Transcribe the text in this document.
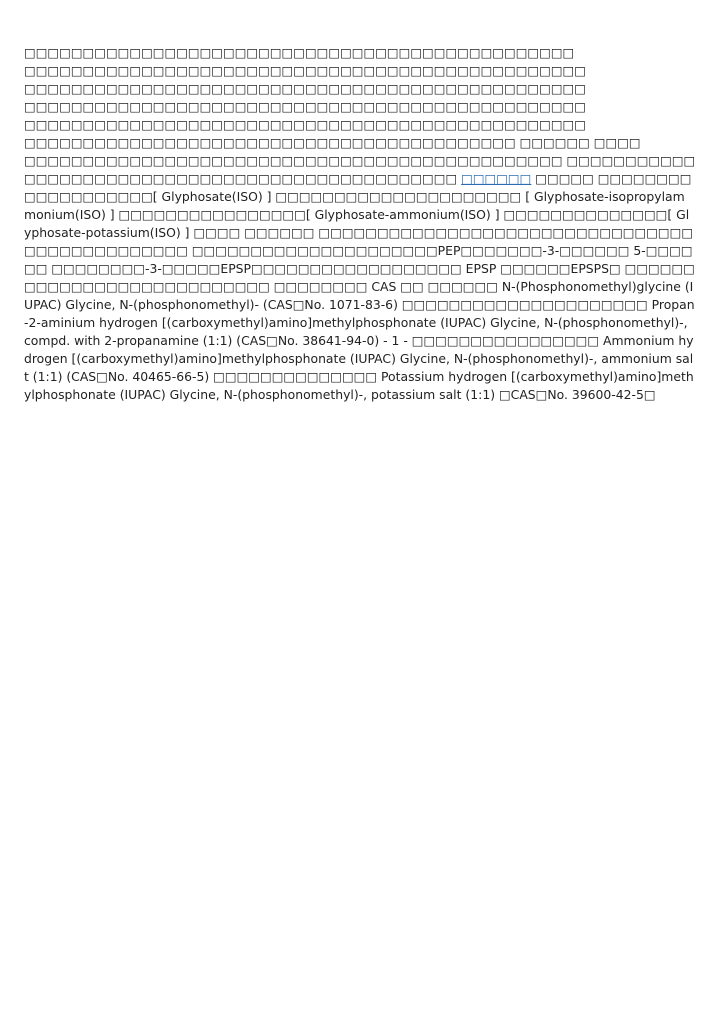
□□□□□□□□□□□□□□□□□□□□□□□□□□□□□□□□□□□□□□□□□□□□□□□
□□□□□□□□□□□□□□□□□□□□□□□□□□□□□□□□□□□□□□□□□□□□□□□□
□□□□□□□□□□□□□□□□□□□□□□□□□□□□□□□□□□□□□□□□□□□□□□□□
□□□□□□□□□□□□□□□□□□□□□□□□□□□□□□□□□□□□□□□□□□□□□□□□
□□□□□□□□□□□□□□□□□□□□□□□□□□□□□□□□□□□□□□□□□□□□□□□□
□□□□□□□□□□□□□□□□□□□□□□□□□□□□□□□□□□□□□□□□□□ □□□□□□ □□□□

□□□□□□□□□□□□□□□□□□□□□□□□□□□□□□□□□□□□□□□□□□□□□□ □□□□□□□□□□□□□□□□□□□□□□□□□□□□□□□□□□□□□□□□□□□□□□□□ □□□□□□ □□□□□ □□□□□□□□□□□□□□□□□□□[ Glyphosate(ISO) ] □□□□□□□□□□□□□□□□□□□□□ [ Glyphosate-isopropylammonium(ISO) ] □□□□□□□□□□□□□□□□[ Glyphosate-ammonium(ISO) ] □□□□□□□□□□□□□□[ Glyphosate-potassium(ISO) ] □□□□ □□□□□□ □□□□□□□□□□□□□□□□□□□□□□□□□□□□□□□□□□□□□□□□□□□□□□ □□□□□□□□□□□□□□□□□□□□□PEP□□□□□□□-3-□□□□□□ 5-□□□□□□ □□□□□□□□-3-□□□□□EPSP□□□□□□□□□□□□□□□□□□ EPSP □□□□□□EPSPS□ □□□□□□□□□□□□□□□□□□□□□□□□□□□ □□□□□□□□ CAS □□ □□□□□□ N-(Phosphonomethyl)glycine (IUPAC) Glycine, N-(phosphonomethyl)- (CAS□No. 1071-83-6) □□□□□□□□□□□□□□□□□□□□□ Propan-2-aminium hydrogen [(carboxymethyl)amino]methylphosphonate (IUPAC) Glycine, N-(phosphonomethyl)-, compd. with 2-propanamine (1:1) (CAS□No. 38641-94-0) - 1 - □□□□□□□□□□□□□□□□ Ammonium hydrogen [(carboxymethyl)amino]methylphosphonate (IUPAC) Glycine, N-(phosphonomethyl)-, ammonium salt (1:1) (CAS□No. 40465-66-5) □□□□□□□□□□□□□□ Potassium hydrogen [(carboxymethyl)amino]methylphosphonate (IUPAC) Glycine, N-(phosphonomethyl)-, potassium salt (1:1) □CAS□No. 39600-42-5□
